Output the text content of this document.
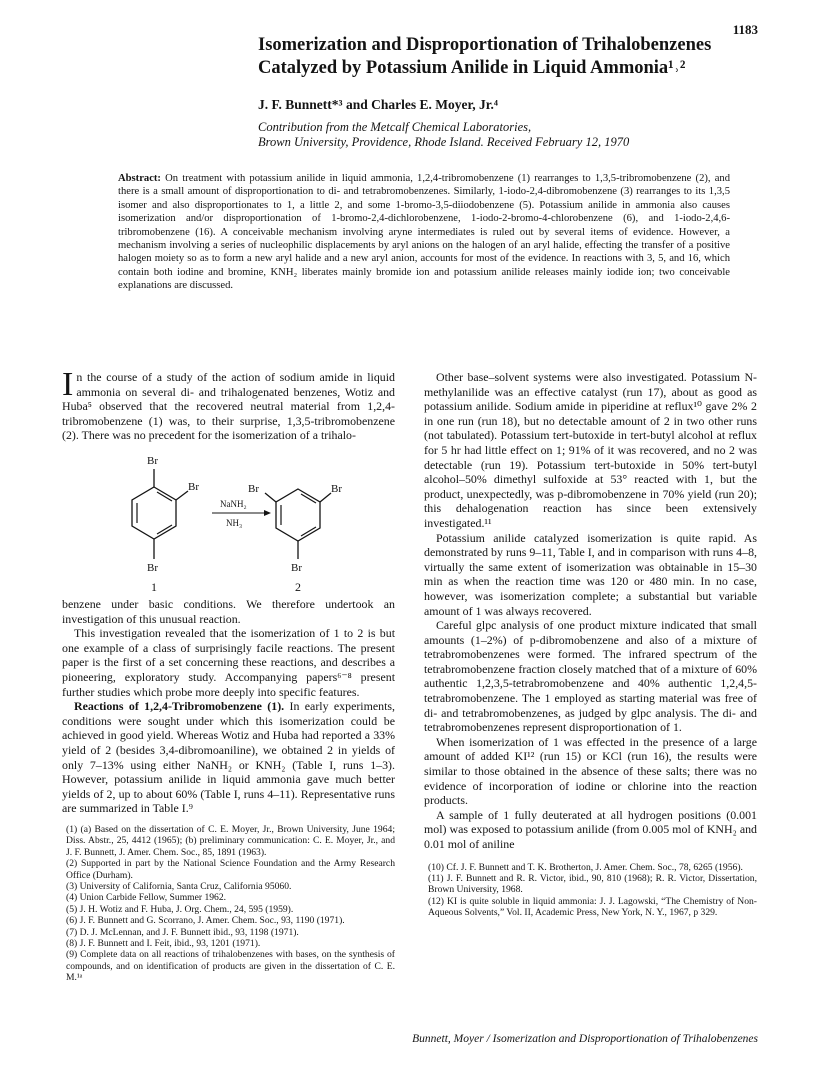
1183
Isomerization and Disproportionation of Trihalobenzenes Catalyzed by Potassium Anilide in Liquid Ammonia¹˒²

J. F. Bunnett*³ and Charles E. Moyer, Jr.⁴

Contribution from the Metcalf Chemical Laboratories,
Brown University, Providence, Rhode Island. Received February 12, 1970

Abstract: On treatment with potassium anilide in liquid ammonia, 1,2,4-tribromobenzene (1) rearranges to 1,3,5-tribromobenzene (2), and there is a small amount of disproportionation to di- and tetrabromobenzenes. Similarly, 1-iodo-2,4-dibromobenzene (3) rearranges to its 1,3,5 isomer and also disproportionates to 1, a little 2, and some 1-bromo-3,5-diiodobenzene (5). Potassium anilide in ammonia also causes isomerization and/or disproportionation of 1-bromo-2,4-dichlorobenzene, 1-iodo-2-bromo-4-chlorobenzene (6), and 1-iodo-2,4,6-tribromobenzene (16). A conceivable mechanism involving aryne intermediates is ruled out by several items of evidence. However, a mechanism involving a series of nucleophilic displacements by aryl anions on the halogen of an aryl halide, effecting the transfer of a positive halogen moiety so as to form a new aryl halide and a new aryl anion, accounts for most of the evidence. In reactions with 3, 5, and 16, which contain both iodine and bromine, KNH₂ liberates mainly bromide ion and potassium anilide releases mainly iodide ion; two conceivable explanations are discussed.

In the course of a study of the action of sodium amide in liquid ammonia on several di- and trihalogenated benzenes, Wotiz and Huba⁵ observed that the recovered neutral material from 1,2,4-tribromobenzene (1) was, to their surprise, 1,3,5-tribromobenzene (2). There was no precedent for the isomerization of a trihalo-

Br
Br
Br
1
NaNH₂
NH₃
Br	Br
Br
2

benzene under basic conditions. We therefore undertook an investigation of this unusual reaction.

This investigation revealed that the isomerization of 1 to 2 is but one example of a class of surprisingly facile reactions. The present paper is the first of a set concerning these reactions, and describes a pioneering, exploratory study. Accompanying papers⁶⁻⁸ present further studies which probe more deeply into specific features.

Reactions of 1,2,4-Tribromobenzene (1). In early experiments, conditions were sought under which this isomerization could be achieved in good yield. Whereas Wotiz and Huba had reported a 33% yield of 2 (besides 3,4-dibromoaniline), we obtained 2 in yields of only 7–13% using either NaNH₂ or KNH₂ (Table I, runs 1–3). However, potassium anilide in liquid ammonia gave much better yields of 2, up to about 60% (Table I, runs 4–11). Representative runs are summarized in Table I.⁹

(1) (a) Based on the dissertation of C. E. Moyer, Jr., Brown University, June 1964; Diss. Abstr., 25, 4412 (1965); (b) preliminary communication: C. E. Moyer, Jr., and J. F. Bunnett, J. Amer. Chem. Soc., 85, 1891 (1963).
(2) Supported in part by the National Science Foundation and the Army Research Office (Durham).
(3) University of California, Santa Cruz, California 95060.
(4) Union Carbide Fellow, Summer 1962.
(5) J. H. Wotiz and F. Huba, J. Org. Chem., 24, 595 (1959).
(6) J. F. Bunnett and G. Scorrano, J. Amer. Chem. Soc., 93, 1190 (1971).
(7) D. J. McLennan, and J. F. Bunnett ibid., 93, 1198 (1971).
(8) J. F. Bunnett and I. Feit, ibid., 93, 1201 (1971).
(9) Complete data on all reactions of trihalobenzenes with bases, on the synthesis of compounds, and on identification of products are given in the dissertation of C. E. M.¹ᵃ

Other base–solvent systems were also investigated. Potassium N-methylanilide was an effective catalyst (run 17), about as good as potassium anilide. Sodium amide in piperidine at reflux¹⁰ gave 2% 2 in one run (run 18), but no detectable amount of 2 in two other runs (not tabulated). Potassium tert-butoxide in tert-butyl alcohol at reflux for 5 hr had little effect on 1; 91% of it was recovered, and no 2 was detectable (run 19). Potassium tert-butoxide in 50% tert-butyl alcohol–50% dimethyl sulfoxide at 53° reacted with 1, but the product, unexpectedly, was p-dibromobenzene in 70% yield (run 20); this dehalogenation reaction has since been extensively investigated.¹¹

Potassium anilide catalyzed isomerization is quite rapid. As demonstrated by runs 9–11, Table I, and in comparison with runs 4–8, virtually the same extent of isomerization was obtainable in 15–30 min as when the reaction time was 120 or 480 min. In no case, however, was isomerization complete; a substantial but variable amount of 1 was always recovered.

Careful glpc analysis of one product mixture indicated that small amounts (1–2%) of p-dibromobenzene and also of a mixture of tetrabromobenzenes were formed. The infrared spectrum of the tetrabromobenzene fraction closely matched that of a mixture of 60% authentic 1,2,3,5-tetrabromobenzene and 40% authentic 1,2,4,5-tetrabromobenzene. The 1 employed as starting material was free of di- and tetrabromobenzenes, as judged by glpc analysis. The di- and tetrabromobenzenes represent disproportionation of 1.

When isomerization of 1 was effected in the presence of a large amount of added KI¹² (run 15) or KCl (run 16), the results were similar to those obtained in the absence of these salts; there was no evidence of incorporation of iodine or chlorine into the reaction products.

A sample of 1 fully deuterated at all hydrogen positions (0.001 mol) was exposed to potassium anilide (from 0.005 mol of KNH₂ and 0.01 mol of aniline

(10) Cf. J. F. Bunnett and T. K. Brotherton, J. Amer. Chem. Soc., 78, 6265 (1956).
(11) J. F. Bunnett and R. R. Victor, ibid., 90, 810 (1968); R. R. Victor, Dissertation, Brown University, 1968.
(12) KI is quite soluble in liquid ammonia: J. J. Lagowski, “The Chemistry of Non-Aqueous Solvents,” Vol. II, Academic Press, New York, N. Y., 1967, p 329.
Bunnett, Moyer / Isomerization and Disproportionation of Trihalobenzenes
